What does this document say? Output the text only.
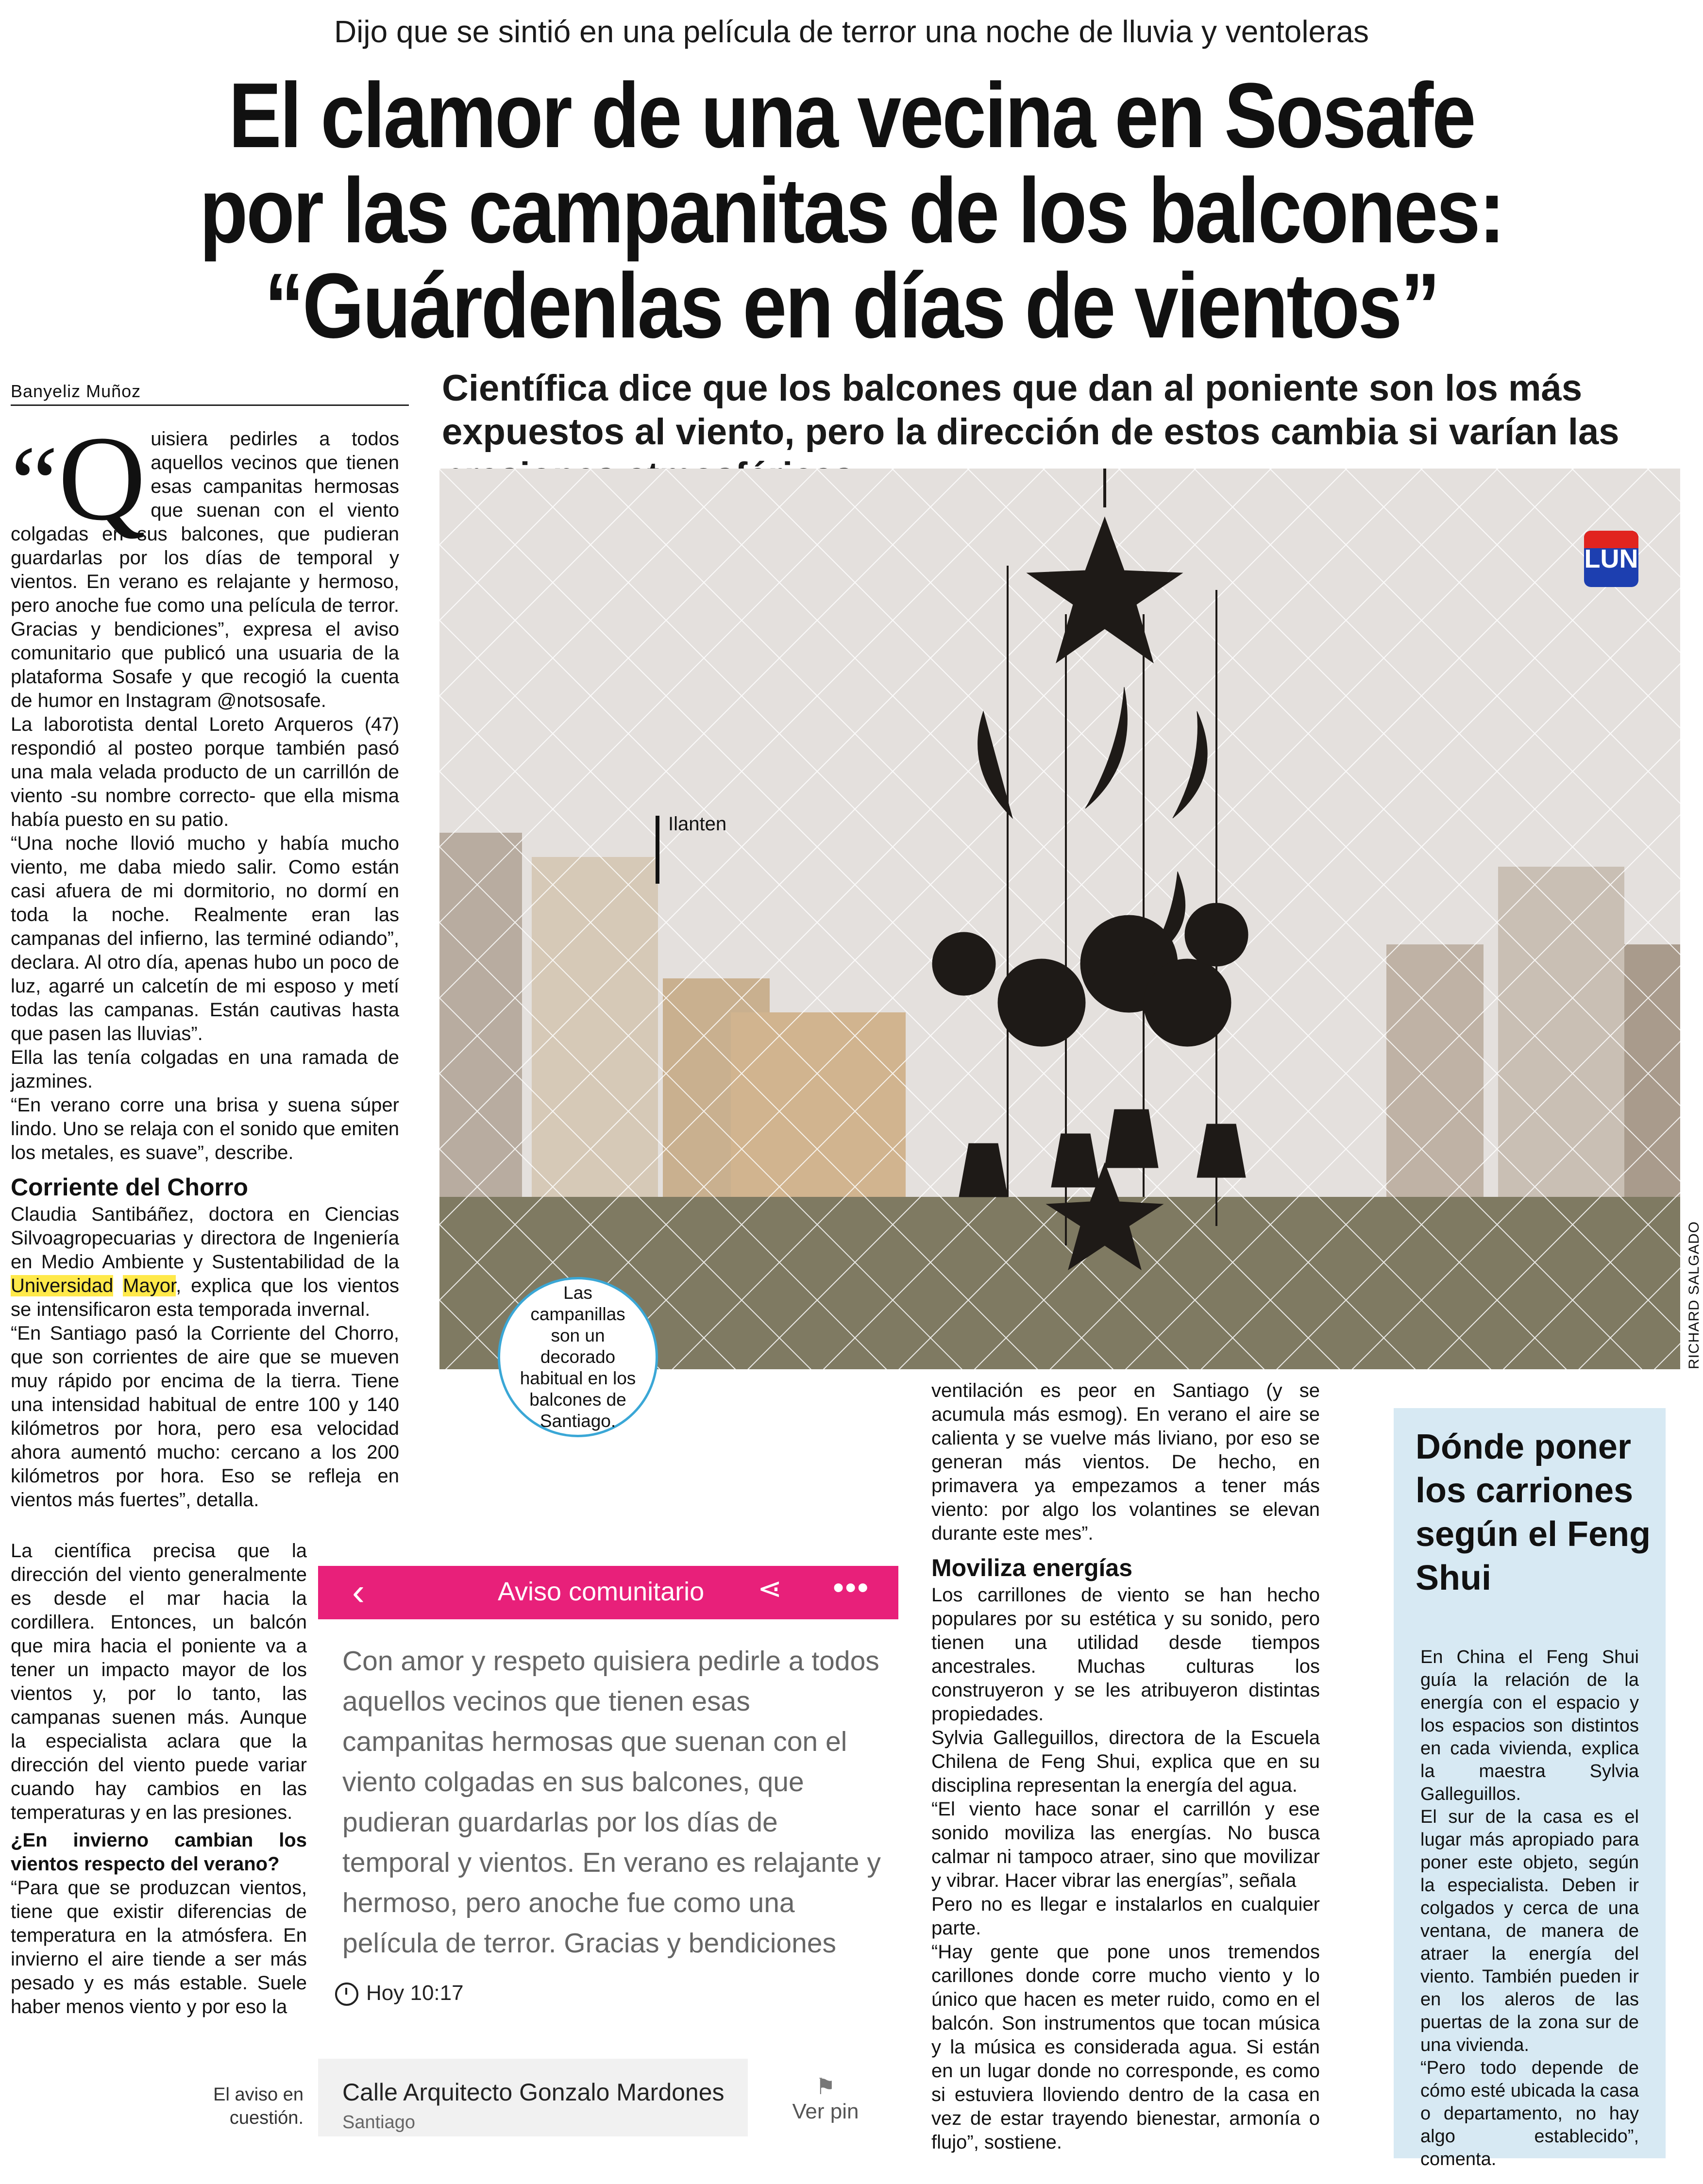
Dijo que se sintió en una película de terror una noche de lluvia y ventoleras
El clamor de una vecina en Sosafe
por las campanitas de los balcones:
“Guárdenlas en días de vientos”
Banyeliz Muñoz	Científica dice que los balcones que dan al poniente son los más expuestos al viento, pero la dirección de estos cambia si varían las

“Q uisiera pedirles a todos aquellos vecinos que tienen esas campanitas hermosas que suenan con el viento colgadas en sus balcones, que pudieran guardarlas por los días de temporal y vientos. En verano es relajante y hermoso, pero anoche fue como una película de terror. Gracias y bendiciones”, expresa el aviso comunitario que publicó una usuaria de la plataforma Sosafe y que recogió la cuenta de humor en Instagram @notsosafe.

La laborotista dental Loreto Arqueros (47) respondió al posteo porque también pasó una mala velada producto de un carrillón de viento -su nombre correcto- que ella misma había puesto en su patio.

“Una noche llovió mucho y había mucho viento, me daba miedo salir. Como están casi afuera de mi dormitorio, no dormí en toda la noche. Realmente eran las campanas del infierno, las terminé odiando”, declara. Al otro día, apenas hubo un poco de luz, agarré un calcetín de mi esposo y metí todas las campanas. Están cautivas hasta que pasen las lluvias”.

Ella las tenía colgadas en una ramada de jazmines.

“En verano corre una brisa y suena súper lindo. Uno se relaja con el sonido que emiten los metales, es suave”, describe.

Corriente del Chorro

Claudia Santibáñez, doctora en Ciencias Silvoagropecuarias y directora de Ingeniería en Medio Ambiente y Sustentabilidad de la Universidad Mayor, explica que los vientos se intensificaron esta temporada invernal.

“En Santiago pasó la Corriente del Chorro, que son corrientes de aire que se mueven muy rápido por encima de la tierra. Tiene una intensidad habitual de entre 100 y 140 kilómetros por hora, pero esa velocidad ahora aumentó mucho: cercano a los 200 kilómetros por hora. Eso se refleja en vientos más fuertes”, detalla.

La científica precisa que la dirección del viento generalmente es desde el mar hacia la cordillera. Entonces, un balcón que mira hacia el poniente va a tener un impacto mayor de los vientos y, por lo tanto, las campanas suenen más. Aunque la especialista aclara que la dirección del viento puede variar cuando hay cambios en las temperaturas y en las presiones.

¿En invierno cambian los vientos respecto del verano?

“Para que se produzcan vientos, tiene que existir diferencias de temperatura en la atmósfera. En invierno el aire tiende a ser más pesado y es más estable. Suele haber menos viento y por eso la

LUN
Ilanten
RICHARD SALGADO
Las campanillas son un decorado habitual en los balcones de Santiago.
‹	Aviso comunitario ⋖ •••
Con amor y respeto quisiera pedirle a todos aquellos vecinos que tienen esas campanitas hermosas que suenan con el viento colgadas en sus balcones, que pudieran guardarlas por los días de temporal y vientos. En verano es relajante y hermoso, pero anoche fue como una película de terror. Gracias y bendiciones
Hoy 10:17
Calle Arquitecto Gonzalo Mardones
Santiago
⚑
Ver pin
El aviso en cuestión.

ventilación es peor en Santiago (y se acumula más esmog). En verano el aire se calienta y se vuelve más liviano, por eso se generan más vientos. De hecho, en primavera ya empezamos a tener más viento: por algo los volantines se elevan durante este mes”.

Moviliza energías

Los carrillones de viento se han hecho populares por su estética y su sonido, pero tienen una utilidad desde tiempos ancestrales. Muchas culturas los construyeron y se les atribuyeron distintas propiedades.

Sylvia Galleguillos, directora de la Escuela Chilena de Feng Shui, explica que en su disciplina representan la energía del agua.

“El viento hace sonar el carrillón y ese sonido moviliza las energías. No busca calmar ni tampoco atraer, sino que movilizar y vibrar. Hacer vibrar las energías”, señala

Pero no es llegar e instalarlos en cualquier parte.

“Hay gente que pone unos tremendos carillones donde corre mucho viento y lo único que hacen es meter ruido, como en el balcón. Son instrumentos que tocan música y la música es considerada agua. Si están en un lugar donde no corresponde, es como si estuviera lloviendo dentro de la casa en vez de estar trayendo bienestar, armonía o flujo”, sostiene.

Dónde poner los carriones según el Feng Shui

En China el Feng Shui guía la relación de la energía con el espacio y los espacios son distintos en cada vivienda, explica la maestra Sylvia Galleguillos.

El sur de la casa es el lugar más apropiado para poner este objeto, según la especialista. Deben ir colgados y cerca de una ventana, de manera de atraer la energía del viento. También pueden ir en los aleros de las puertas de la zona sur de una vivienda.

“Pero todo depende de cómo esté ubicada la casa o departamento, no hay algo establecido”, comenta.
